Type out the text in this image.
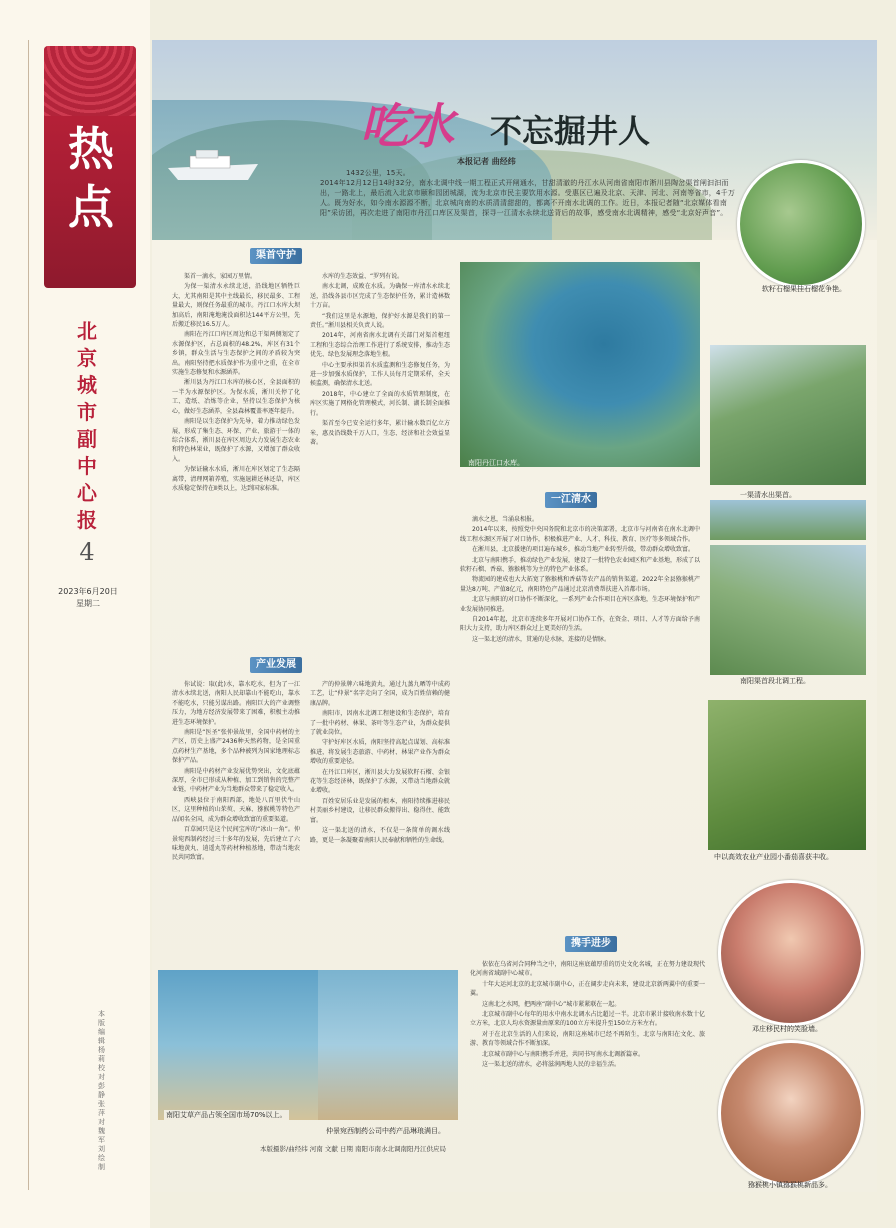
热点
北京城市副中心报
4
2023年6月20日
星期二
本版编辑 杨莉 校对 彭静 张萍 对 魏军 刘绘制
吃水 不忘掘井人
本报记者 曲经纬
1432公里，15天。
2014年12月12日14时32分，南水北调中线一期工程正式开闸通水，甘甜清澈的丹江水从河南省南阳市淅川县陶岔渠首闸汩汩而出，一路北上，最后流入北京市颐和园团城湖，流为北京市民主要饮用水源。受惠区已遍及北京、天津、河北、河南等省市，4千万人。既为好水，如今南水源源不断，北京城向南的水质清清甜甜的，都离不开南水北调的工作。近日，本报记者随“北京媒体看南阳”采访团，再次走进了南阳市丹江口库区及渠首，探寻一江清水永续北送背后的故事，感受南水北调精神，感受“北京好声音”。
软籽石榴果挂石榴花争艳。
渠首守护
产业发展
一江清水
携手进步

渠首一滴水，家园万里情。

为保一渠清水永续北送，沿线地区牺牲巨大，尤其南阳是其中主线最长，移民最多、工程量最大，则保任务最重的城市。丹江口水库大坝加高后，南阳淹地淹没面积达144平方公里，先后搬迁移民16.5万人。

南阳在丹江口库区周边和总干渠两侧划定了水源保护区，占总面积的48.2%，库区有31个乡镇，群众生活与生态保护之间的矛盾较为突出。南阳坚持把水质保护作为重中之重，在全市实施生态修复和水源涵养。

淅川县为丹江口水库的核心区，全县面积的一半为水源保护区。为保水质，淅川关停了化工、造纸、冶炼等企业，坚持以生态保护为核心，做好生态涵养，全县森林覆盖率逐年提升。

南阳是以生态保护为先导，着力推动绿色发展，形成了集生态、环保、产业、旅游于一体的综合体系，淅川县在库区周边大力发展生态农业和特色林果业，既保护了水源，又增加了群众收入。

为保证输水水质，淅川在库区划定了生态隔离带，清理网箱养殖，实施退耕还林还草，库区水质稳定保持在Ⅱ类以上，达到国家标准。

水库的生态效益、“罗列有说。

南水北调，成败在水质。为确保一库清水永续北送，沿线各县市区完成了生态保护任务，累计造林数十万亩。

“我们这里是水源地，保护好水源是我们的第一责任。”淅川县相关负责人说。

2014年，河南省南水北调有关部门对渠首枢纽工程和生态综合治理工作进行了系统安排，推动生态优先、绿色发展理念落地生根。

中心主要承担渠首水质监测和生态修复任务，为进一步加强水质保护，工作人员每月定期采样，全天候监测，确保清水北送。

2018年，中心建立了全面的水质管理制度，在库区实施了网格化管理模式，河长制、湖长制全面推行。

渠首至今已安全运行多年，累计输水数百亿立方米，惠及沿线数千万人口，生态、经济和社会效益显著。

你试说：取(此)水，靠水吃水，但为了一江清水永续北送，南阳人民却靠山不能吃山，靠水不能吃水，只能另谋出路。南阳巨大的产业调整压力，为地方经济发展带来了困难，积极主动推进生态环境保护。

南阳是“医圣”张仲景故里，全国中药材的主产区，历史上盛产2436种天然药物，是全国重点药材生产基地，多个品种被列为国家地理标志保护产品。

南阳是中药材产业发展优势突出，文化底蕴深厚，全市已形成从种植、加工到销售的完整产业链，中药材产业为当地群众带来了稳定收入。

西峡县位于南阳西部，地处八百里伏牛山区，这里种植的山茱萸、天麻、猕猴桃等特色产品闻名全国，成为群众增收致富的重要渠道。

百草园只是这个民间宝库的“冰山一角”。仲景宛西制药经过三十多年的发展，先后建立了六味地黄丸、逍遥丸等药材种植基地，带动当地农民共同致富。

产的仲景牌六味地黄丸，通过九蒸九晒等中成药工艺，让“仲景”名字走向了全国，成为百姓信赖的健康品牌。

南阳市，因南水北调工程建设和生态保护，培育了一批中药材、林果、茶叶等生态产业，为群众提供了就业岗位。

守护好库区水质，南阳坚持高起点谋划、高标准推进，将发展生态旅游、中药材、林果产业作为群众增收的重要途径。

在丹江口库区，淅川县大力发展软籽石榴、金银花等生态经济林，既保护了水源，又带动当地群众就业增收。

百姓安居乐业是发展的根本，南阳持续推进移民村美丽乡村建设，让移民群众搬得出、稳得住、能致富。

这一渠北送的清水，不仅是一条简单的调水线路，更是一条凝聚着南阳人民奉献和牺牲的生命线。

滴水之恩，当涌泉相报。

2014年以来，按照党中央国务院和北京市的决策部署，北京市与河南省在南水北调中线工程水源区开展了对口协作，积极推进产业、人才、科技、教育、医疗等多领域合作。

在淅川县，北京援建的项目遍布城乡，推动当地产业转型升级，带动群众增收致富。

北京与南阳携手，推动绿色产业发展，建设了一批特色农业园区和产业基地，形成了以软籽石榴、香菇、猕猴桃等为主的特色产业体系。

物流园的建成也大大拓宽了猕猴桃和香菇等农产品的销售渠道。2022年全县猕猴桃产量达8万吨、产值8亿元，南阳特色产品通过北京消费帮扶进入首都市场。

北京与南阳的对口协作不断深化，一系列产业合作项目在库区落地，生态环境保护和产业发展协同推进。

自2014年起，北京市连续多年开展对口协作工作，在资金、项目、人才等方面给予南阳大力支持，助力库区群众过上更美好的生活。

这一渠北送的清水，贯通的是水脉，连接的是情脉。

依依在乌省河合同种当之中，南阳这座底蕴厚重的历史文化名城，正在努力建设现代化河南省域副中心城市。

十年大运河北京的北京城市副中心，正在阔步走向未来，建设北京新两翼中的重要一翼。

这南北之水网，把两座“副中心”城市紧紧联在一起。

北京城市副中心每年的用水中南水北调水占比超过一半。北京市累计接收南水数十亿立方米，北京人均水资源量由原来的100立方米提升至150立方米左右。

对于在北京生活的人们来说，南阳这座城市已经不再陌生，北京与南阳在文化、旅游、教育等领域合作不断加深。

北京城市副中心与南阳携手并进，共同书写南水北调新篇章。

这一渠北送的清水，必将滋润两地人民的幸福生活。

南阳丹江口水库。
一渠清水出渠首。
南阳渠首段北调工程。
中以高效农业产业园小番茄喜获丰收。
邓庄移民村的笑脸墙。
猕猴桃小镇猕猴桃新品多。
南阳艾草产品占领全国市场70%以上。
仲景宛西制药公司中药产品琳琅满目。
本版摄影/曲经纬 河南 文献 日期 南阳市南水北调南阳丹江供应局
